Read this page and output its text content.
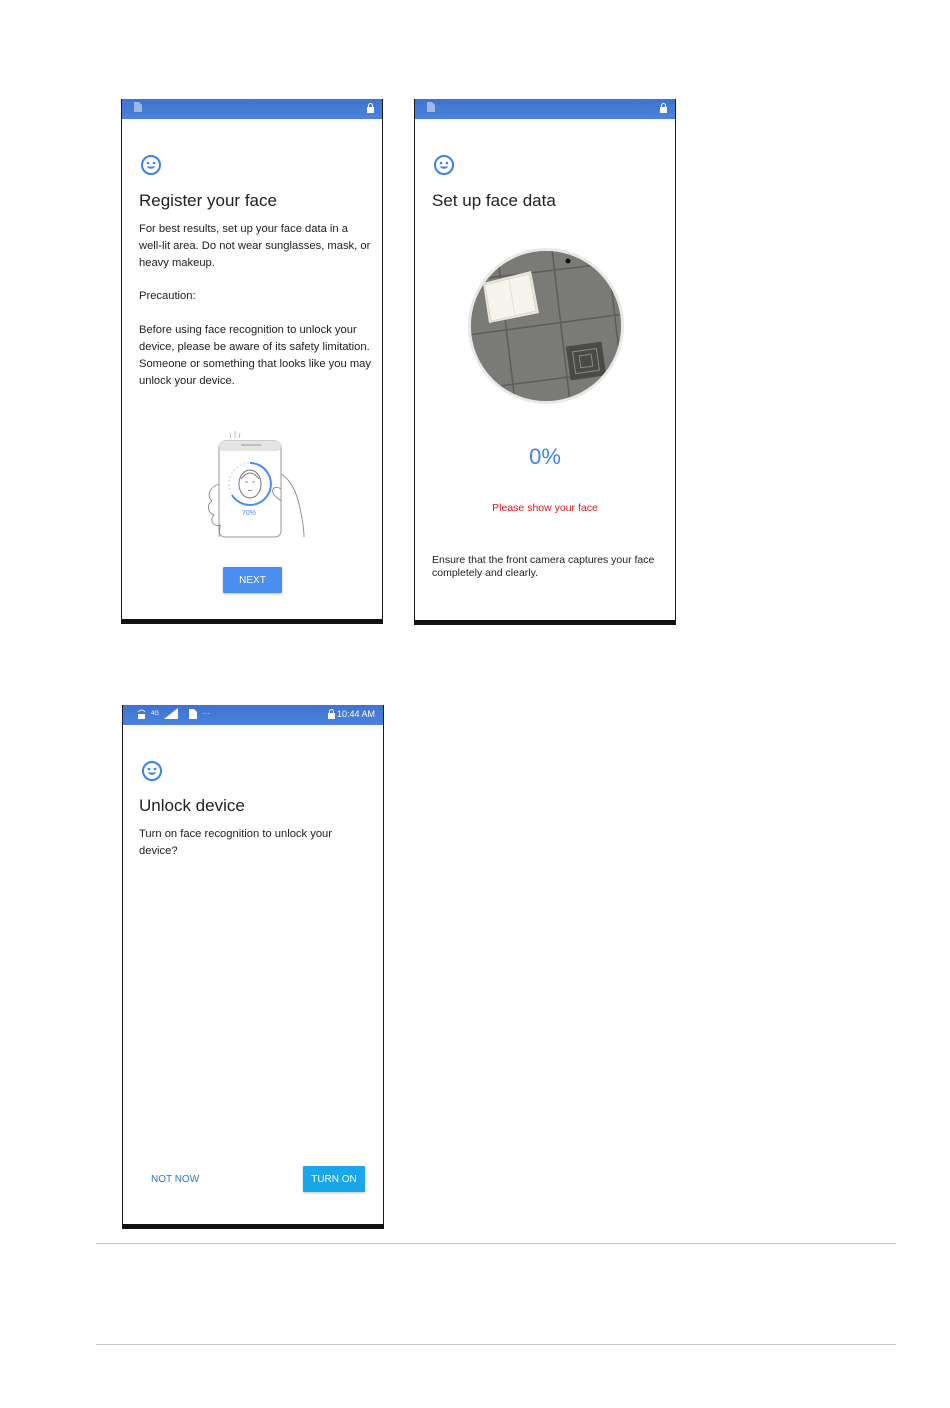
Register your face

For best results, set up your face data in a well-lit area. Do not wear sunglasses, mask, or heavy makeup.

Precaution:

Before using face recognition to unlock your device, please be aware of its safety limitation. Someone or something that looks like you may unlock your device.

70%
NEXT
Set up face data
0%
Please show your face
Ensure that the front camera captures your face completely and clearly.
4G	···	10:44 AM
Unlock device
Turn on face recognition to unlock your device?
NOT NOW	TURN ON
